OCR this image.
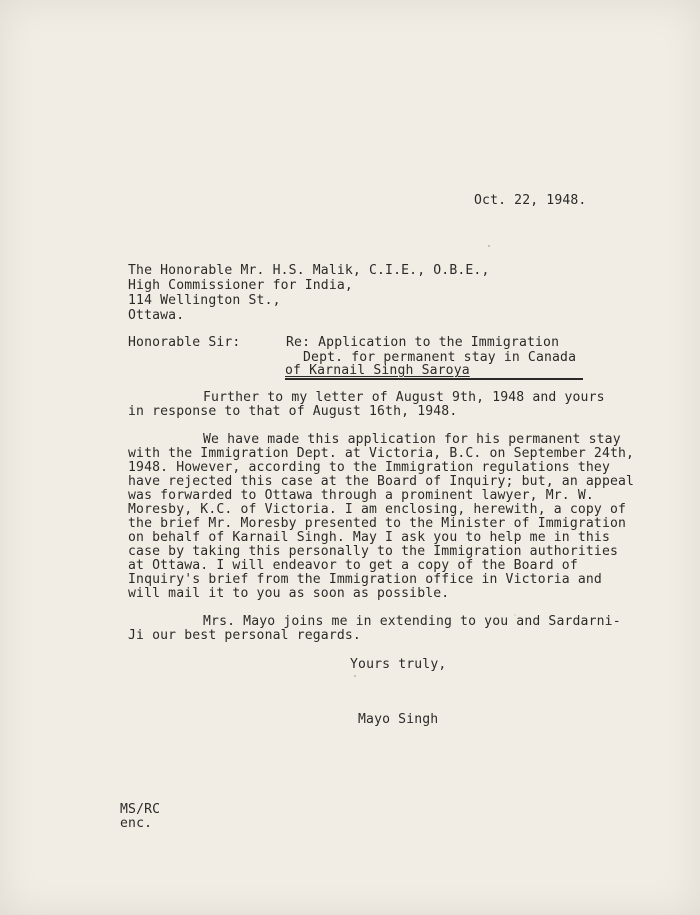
Oct. 22, 1948.
The Honorable Mr. H.S. Malik, C.I.E., O.B.E.,
High Commissioner for India,
114 Wellington St.,
Ottawa.
Honorable Sir:	Re: Application to the Immigration
Dept. for permanent stay in Canada
of Karnail Singh Saroya
Further to my letter of August 9th, 1948 and yours
in response to that of August 16th, 1948.
We have made this application for his permanent stay
with the Immigration Dept. at Victoria, B.C. on September 24th,
1948. However, according to the Immigration regulations they
have rejected this case at the Board of Inquiry; but, an appeal
was forwarded to Ottawa through a prominent lawyer, Mr. W.
Moresby, K.C. of Victoria. I am enclosing, herewith, a copy of
the brief Mr. Moresby presented to the Minister of Immigration
on behalf of Karnail Singh. May I ask you to help me in this
case by taking this personally to the Immigration authorities
at Ottawa. I will endeavor to get a copy of the Board of
Inquiry's brief from the Immigration office in Victoria and
will mail it to you as soon as possible.
Mrs. Mayo joins me in extending to you and Sardarni-
Ji our best personal regards.
Yours truly,
Mayo Singh
MS/RC
enc.
